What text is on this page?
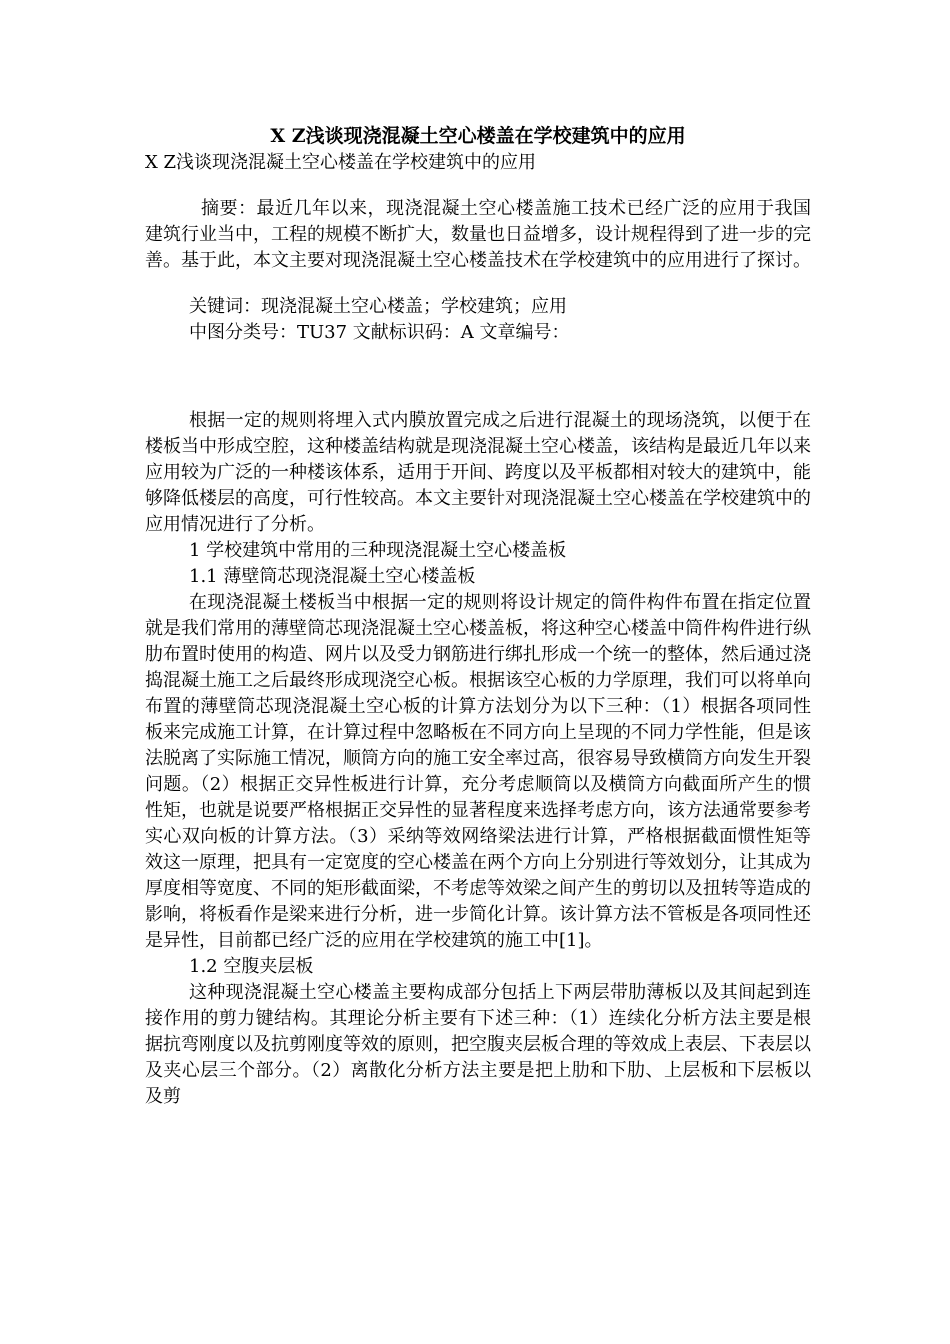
X Z浅谈现浇混凝土空心楼盖在学校建筑中的应用

X Z浅谈现浇混凝土空心楼盖在学校建筑中的应用

摘要：最近几年以来，现浇混凝土空心楼盖施工技术已经广泛的应用于我国建筑行业当中，工程的规模不断扩大，数量也日益增多，设计规程得到了进一步的完善。基于此，本文主要对现浇混凝土空心楼盖技术在学校建筑中的应用进行了探讨。

关键词：现浇混凝土空心楼盖；学校建筑；应用

中图分类号：TU37 文献标识码：A 文章编号：

根据一定的规则将埋入式内膜放置完成之后进行混凝土的现场浇筑，以便于在楼板当中形成空腔，这种楼盖结构就是现浇混凝土空心楼盖，该结构是最近几年以来应用较为广泛的一种楼该体系，适用于开间、跨度以及平板都相对较大的建筑中，能够降低楼层的高度，可行性较高。本文主要针对现浇混凝土空心楼盖在学校建筑中的应用情况进行了分析。

1 学校建筑中常用的三种现浇混凝土空心楼盖板

1.1 薄壁筒芯现浇混凝土空心楼盖板

在现浇混凝土楼板当中根据一定的规则将设计规定的筒件构件布置在指定位置就是我们常用的薄壁筒芯现浇混凝土空心楼盖板，将这种空心楼盖中筒件构件进行纵肋布置时使用的构造、网片以及受力钢筋进行绑扎形成一个统一的整体，然后通过浇捣混凝土施工之后最终形成现浇空心板。根据该空心板的力学原理，我们可以将单向布置的薄壁筒芯现浇混凝土空心板的计算方法划分为以下三种：（1）根据各项同性板来完成施工计算，在计算过程中忽略板在不同方向上呈现的不同力学性能，但是该法脱离了实际施工情况，顺筒方向的施工安全率过高，很容易导致横筒方向发生开裂问题。（2）根据正交异性板进行计算，充分考虑顺筒以及横筒方向截面所产生的惯性矩，也就是说要严格根据正交异性的显著程度来选择考虑方向，该方法通常要参考实心双向板的计算方法。（3）采纳等效网络梁法进行计算，严格根据截面惯性矩等效这一原理，把具有一定宽度的空心楼盖在两个方向上分别进行等效划分，让其成为厚度相等宽度、不同的矩形截面梁，不考虑等效梁之间产生的剪切以及扭转等造成的影响，将板看作是梁来进行分析，进一步简化计算。该计算方法不管板是各项同性还是异性，目前都已经广泛的应用在学校建筑的施工中[1]。

1.2 空腹夹层板

这种现浇混凝土空心楼盖主要构成部分包括上下两层带肋薄板以及其间起到连接作用的剪力键结构。其理论分析主要有下述三种：（1）连续化分析方法主要是根据抗弯刚度以及抗剪刚度等效的原则，把空腹夹层板合理的等效成上表层、下表层以及夹心层三个部分。（2）离散化分析方法主要是把上肋和下肋、上层板和下层板以及剪
